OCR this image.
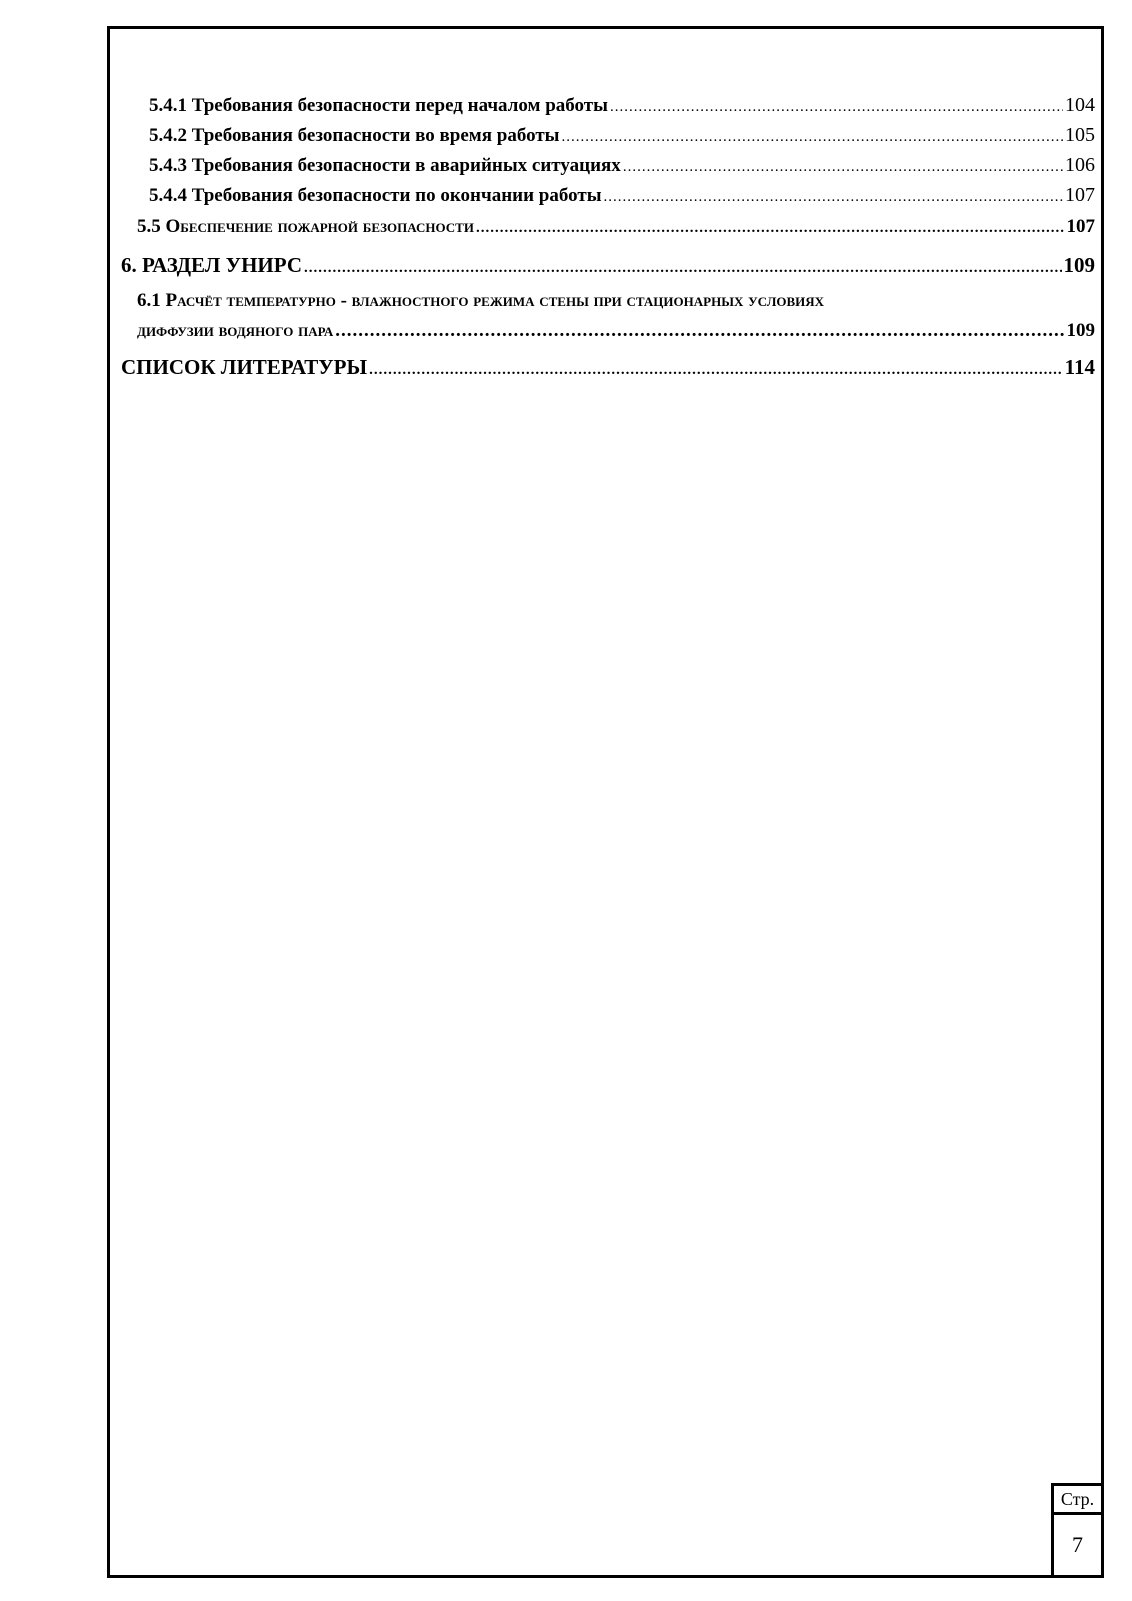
5.4.1 Требования безопасности перед началом работы .....	104
5.4.2 Требования безопасности во время работы .....	105
5.4.3 Требования безопасности в аварийных ситуациях .....	106
5.4.4 Требования безопасности по окончании работы .....	107
5.5 Обеспечение пожарной безопасности .....	107
6. РАЗДЕЛ УНИРС .....	109
6.1 Расчёт температурно - влажностного режима стены при стационарных условиях
диффузии водяного пара .....	109
СПИСОК ЛИТЕРАТУРЫ .....	114
Стр.
7
